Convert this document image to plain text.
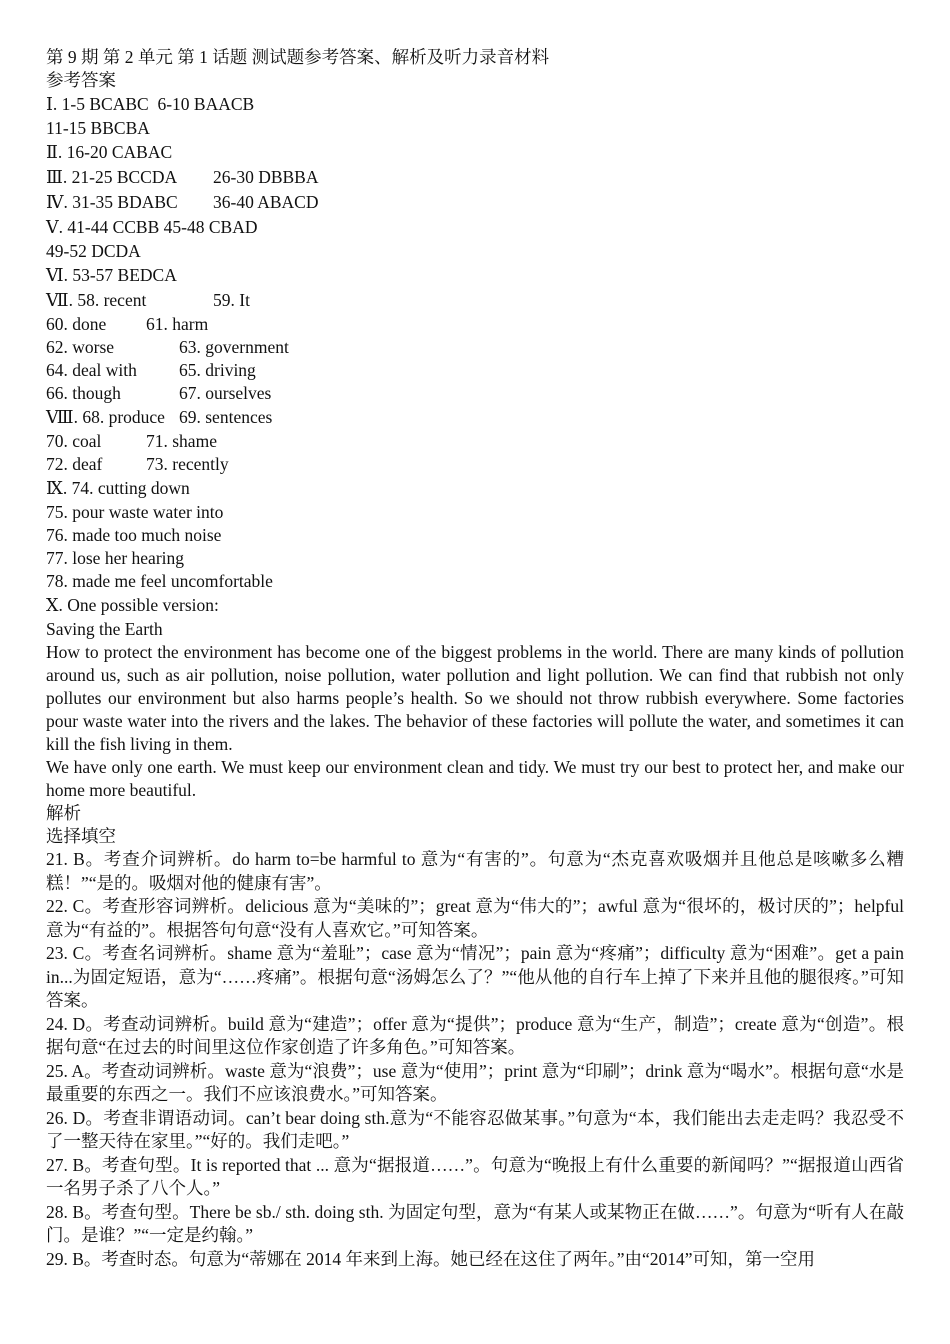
第 9 期 第 2 单元 第 1 话题 测试题参考答案、解析及听力录音材料
参考答案
Ⅰ. 1-5 BCABC 6-10 BAACB
11-15 BBCBA
Ⅱ. 16-20 CABAC
Ⅲ. 21-25 BCCDA	26-30 DBBBA
Ⅳ. 31-35 BDABC	36-40 ABACD
Ⅴ. 41-44 CCBB 45-48 CBAD
49-52 DCDA
Ⅵ. 53-57 BEDCA
Ⅶ. 58. recent	59. It
60. done	61. harm
62. worse	63. government
64. deal with	65. driving
66. though	67. ourselves
Ⅷ. 68. produce 69. sentences
70. coal	71. shame
72. deaf	73. recently
Ⅸ. 74. cutting down
75. pour waste water into
76. made too much noise
77. lose her hearing
78. made me feel uncomfortable
Ⅹ. One possible version:
Saving the Earth
How to protect the environment has become one of the biggest problems in the world. There are many kinds of pollution around us, such as air pollution, noise pollution, water pollution and light pollution. We can find that rubbish not only pollutes our environment but also harms people’s health. So we should not throw rubbish everywhere. Some factories pour waste water into the rivers and the lakes. The behavior of these factories will pollute the water, and sometimes it can kill the fish living in them.
We have only one earth. We must keep our environment clean and tidy. We must try our best to protect her, and make our home more beautiful.
解析
选择填空
21. B。考查介词辨析。do harm to=be harmful to 意为“有害的”。句意为“杰克喜欢吸烟并且他总是咳嗽多么糟糕！”“是的。吸烟对他的健康有害”。
22. C。考查形容词辨析。delicious 意为“美味的”；great 意为“伟大的”；awful 意为“很坏的，极讨厌的”；helpful 意为“有益的”。根据答句句意“没有人喜欢它。”可知答案。
23. C。考查名词辨析。shame 意为“羞耻”；case 意为“情况”；pain 意为“疼痛”；difficulty 意为“困难”。get a pain in...为固定短语，意为“……疼痛”。根据句意“汤姆怎么了？”“他从他的自行车上掉了下来并且他的腿很疼。”可知答案。
24. D。考查动词辨析。build 意为“建造”；offer 意为“提供”；produce 意为“生产，制造”；create 意为“创造”。根据句意“在过去的时间里这位作家创造了许多角色。”可知答案。
25. A。考查动词辨析。waste 意为“浪费”；use 意为“使用”；print 意为“印刷”；drink 意为“喝水”。根据句意“水是最重要的东西之一。我们不应该浪费水。”可知答案。
26. D。考查非谓语动词。can’t bear doing sth.意为“不能容忍做某事。”句意为“本，我们能出去走走吗？我忍受不了一整天待在家里。”“好的。我们走吧。”
27. B。考查句型。It is reported that ... 意为“据报道……”。句意为“晚报上有什么重要的新闻吗？”“据报道山西省一名男子杀了八个人。”
28. B。考查句型。There be sb./ sth. doing sth. 为固定句型，意为“有某人或某物正在做……”。句意为“听有人在敲门。是谁？”“一定是约翰。”
29. B。考查时态。句意为“蒂娜在 2014 年来到上海。她已经在这住了两年。”由“2014”可知，第一空用
